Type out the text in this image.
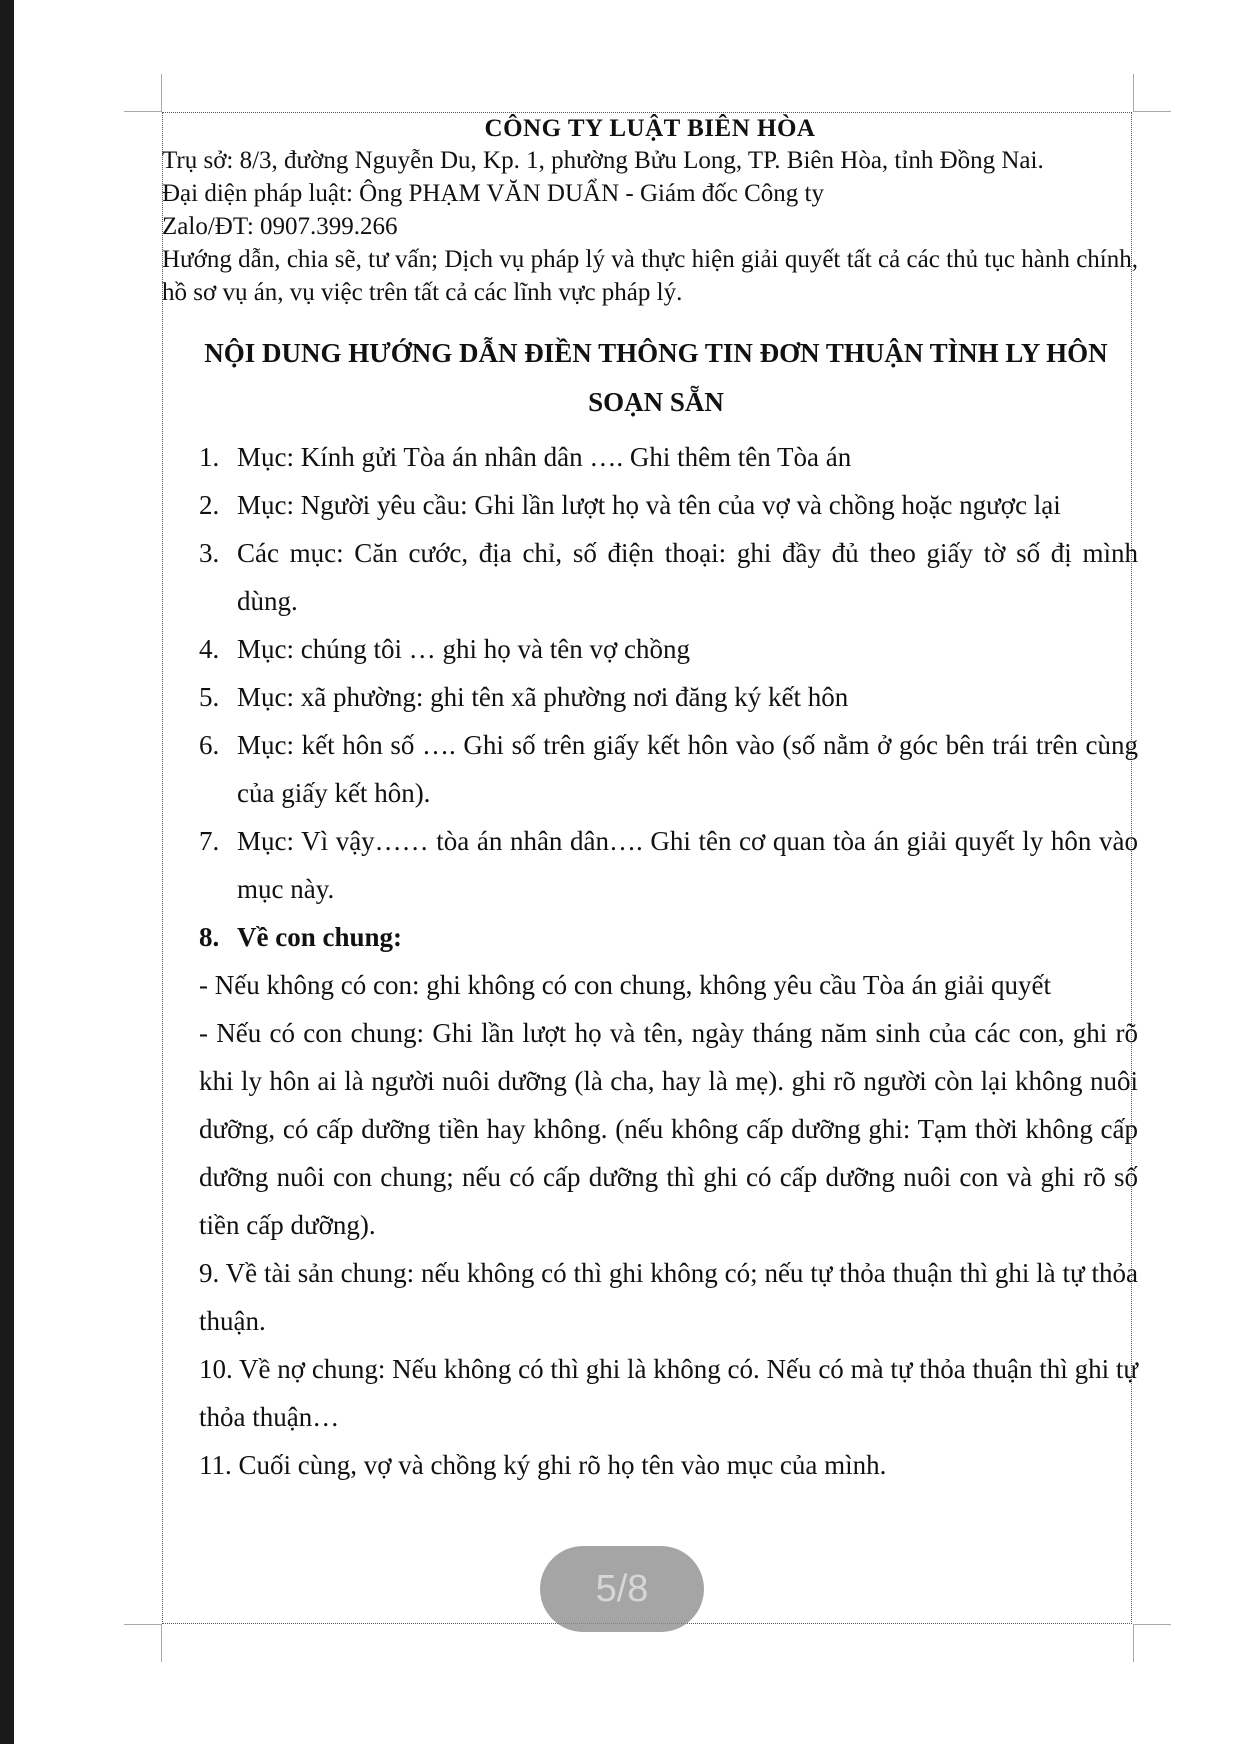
CÔNG TY LUẬT BIÊN HÒA

Trụ sở: 8/3, đường Nguyễn Du, Kp. 1, phường Bửu Long, TP. Biên Hòa, tỉnh Đồng Nai.

Đại diện pháp luật: Ông PHẠM VĂN DUẨN - Giám đốc Công ty

Zalo/ĐT: 0907.399.266

Hướng dẫn, chia sẽ, tư vấn; Dịch vụ pháp lý và thực hiện giải quyết tất cả các thủ tục hành chính, hồ sơ vụ án, vụ việc trên tất cả các lĩnh vực pháp lý.

NỘI DUNG HƯỚNG DẪN ĐIỀN THÔNG TIN ĐƠN THUẬN TÌNH LY HÔN SOẠN SẴN
1. Mục: Kính gửi Tòa án nhân dân …. Ghi thêm tên Tòa án
2. Mục: Người yêu cầu: Ghi lần lượt họ và tên của vợ và chồng hoặc ngược lại
3. Các mục: Căn cước, địa chỉ, số điện thoại: ghi đầy đủ theo giấy tờ số đị mình dùng.
4. Mục: chúng tôi … ghi họ và tên vợ chồng
5. Mục: xã phường: ghi tên xã phường nơi đăng ký kết hôn
6. Mục: kết hôn số …. Ghi số trên giấy kết hôn vào (số nằm ở góc bên trái trên cùng của giấy kết hôn).
7. Mục: Vì vậy…… tòa án nhân dân…. Ghi tên cơ quan tòa án giải quyết ly hôn vào mục này.
8. Về con chung:
- Nếu không có con: ghi không có con chung, không yêu cầu Tòa án giải quyết
- Nếu có con chung: Ghi lần lượt họ và tên, ngày tháng năm sinh của các con, ghi rõ khi ly hôn ai là người nuôi dưỡng (là cha, hay là mẹ). ghi rõ người còn lại không nuôi dưỡng, có cấp dưỡng tiền hay không. (nếu không cấp dưỡng ghi: Tạm thời không cấp dưỡng nuôi con chung; nếu có cấp dưỡng thì ghi có cấp dưỡng nuôi con và ghi rõ số tiền cấp dưỡng).
9. Về tài sản chung: nếu không có thì ghi không có; nếu tự thỏa thuận thì ghi là tự thỏa thuận.
10. Về nợ chung: Nếu không có thì ghi là không có. Nếu có mà tự thỏa thuận thì ghi tự thỏa thuận…
11. Cuối cùng, vợ và chồng ký ghi rõ họ tên vào mục của mình.
5/8
